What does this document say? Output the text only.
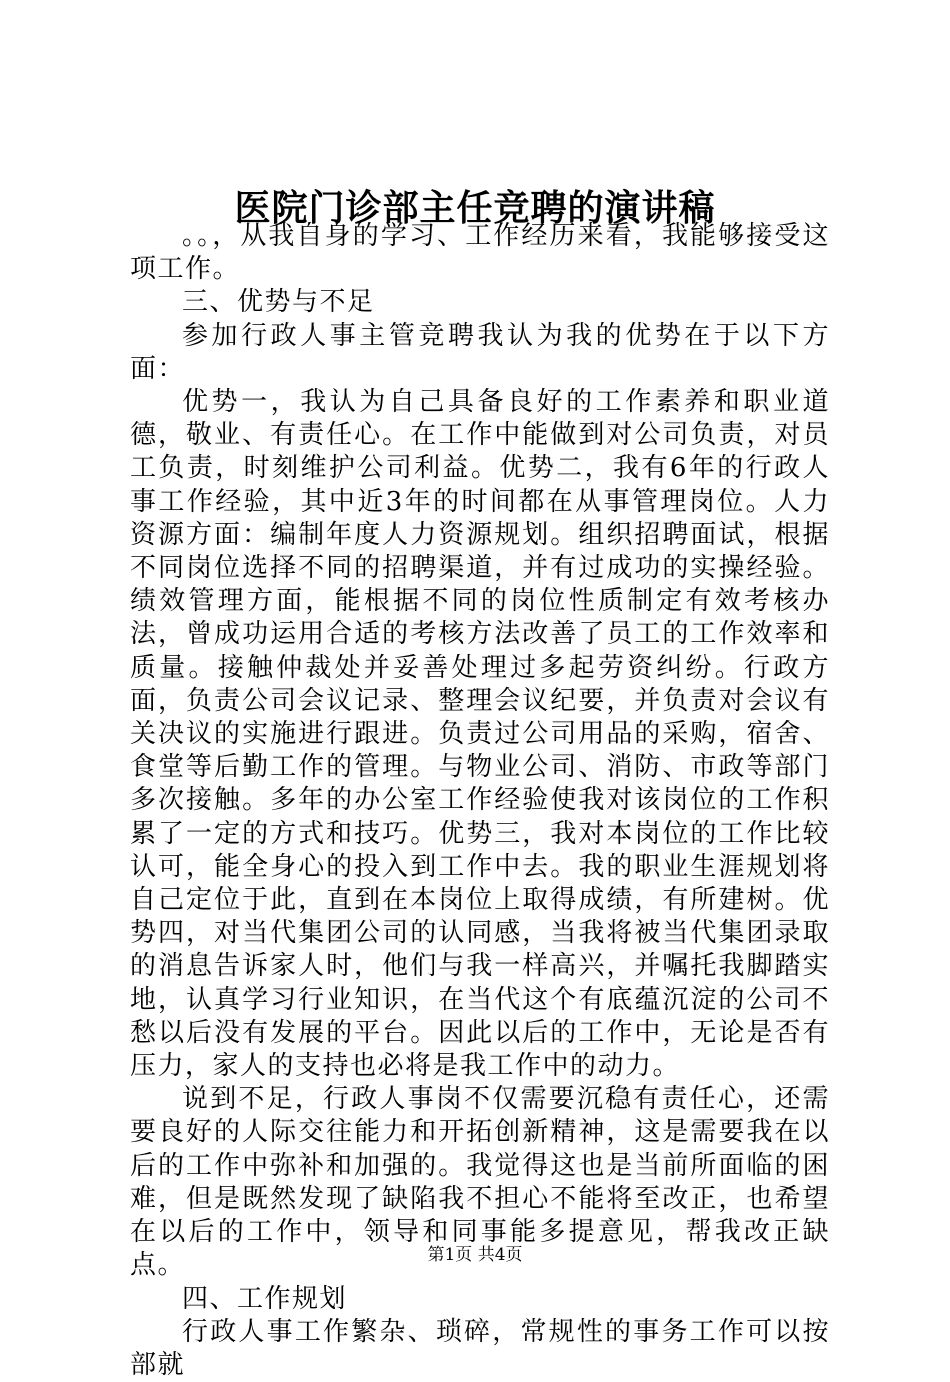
医院门诊部主任竞聘的演讲稿

。。，从我自身的学习、工作经历来看，我能够接受这项工作。

三、优势与不足

参加行政人事主管竞聘我认为我的优势在于以下方面：

优势一，我认为自己具备良好的工作素养和职业道德，敬业、有责任心。在工作中能做到对公司负责，对员工负责，时刻维护公司利益。优势二，我有6年的行政人事工作经验，其中近3年的时间都在从事管理岗位。人力资源方面：编制年度人力资源规划。组织招聘面试，根据不同岗位选择不同的招聘渠道，并有过成功的实操经验。绩效管理方面，能根据不同的岗位性质制定有效考核办法，曾成功运用合适的考核方法改善了员工的工作效率和质量。接触仲裁处并妥善处理过多起劳资纠纷。行政方面，负责公司会议记录、整理会议纪要，并负责对会议有关决议的实施进行跟进。负责过公司用品的采购，宿舍、食堂等后勤工作的管理。与物业公司、消防、市政等部门多次接触。多年的办公室工作经验使我对该岗位的工作积累了一定的方式和技巧。优势三，我对本岗位的工作比较认可，能全身心的投入到工作中去。我的职业生涯规划将自己定位于此，直到在本岗位上取得成绩，有所建树。优势四，对当代集团公司的认同感，当我将被当代集团录取的消息告诉家人时，他们与我一样高兴，并嘱托我脚踏实地，认真学习行业知识，在当代这个有底蕴沉淀的公司不愁以后没有发展的平台。因此以后的工作中，无论是否有压力，家人的支持也必将是我工作中的动力。

说到不足，行政人事岗不仅需要沉稳有责任心，还需要良好的人际交往能力和开拓创新精神，这是需要我在以后的工作中弥补和加强的。我觉得这也是当前所面临的困难，但是既然发现了缺陷我不担心不能将至改正，也希望在以后的工作中，领导和同事能多提意见，帮我改正缺点。

四、工作规划

行政人事工作繁杂、琐碎，常规性的事务工作可以按部就

第1页 共4页
